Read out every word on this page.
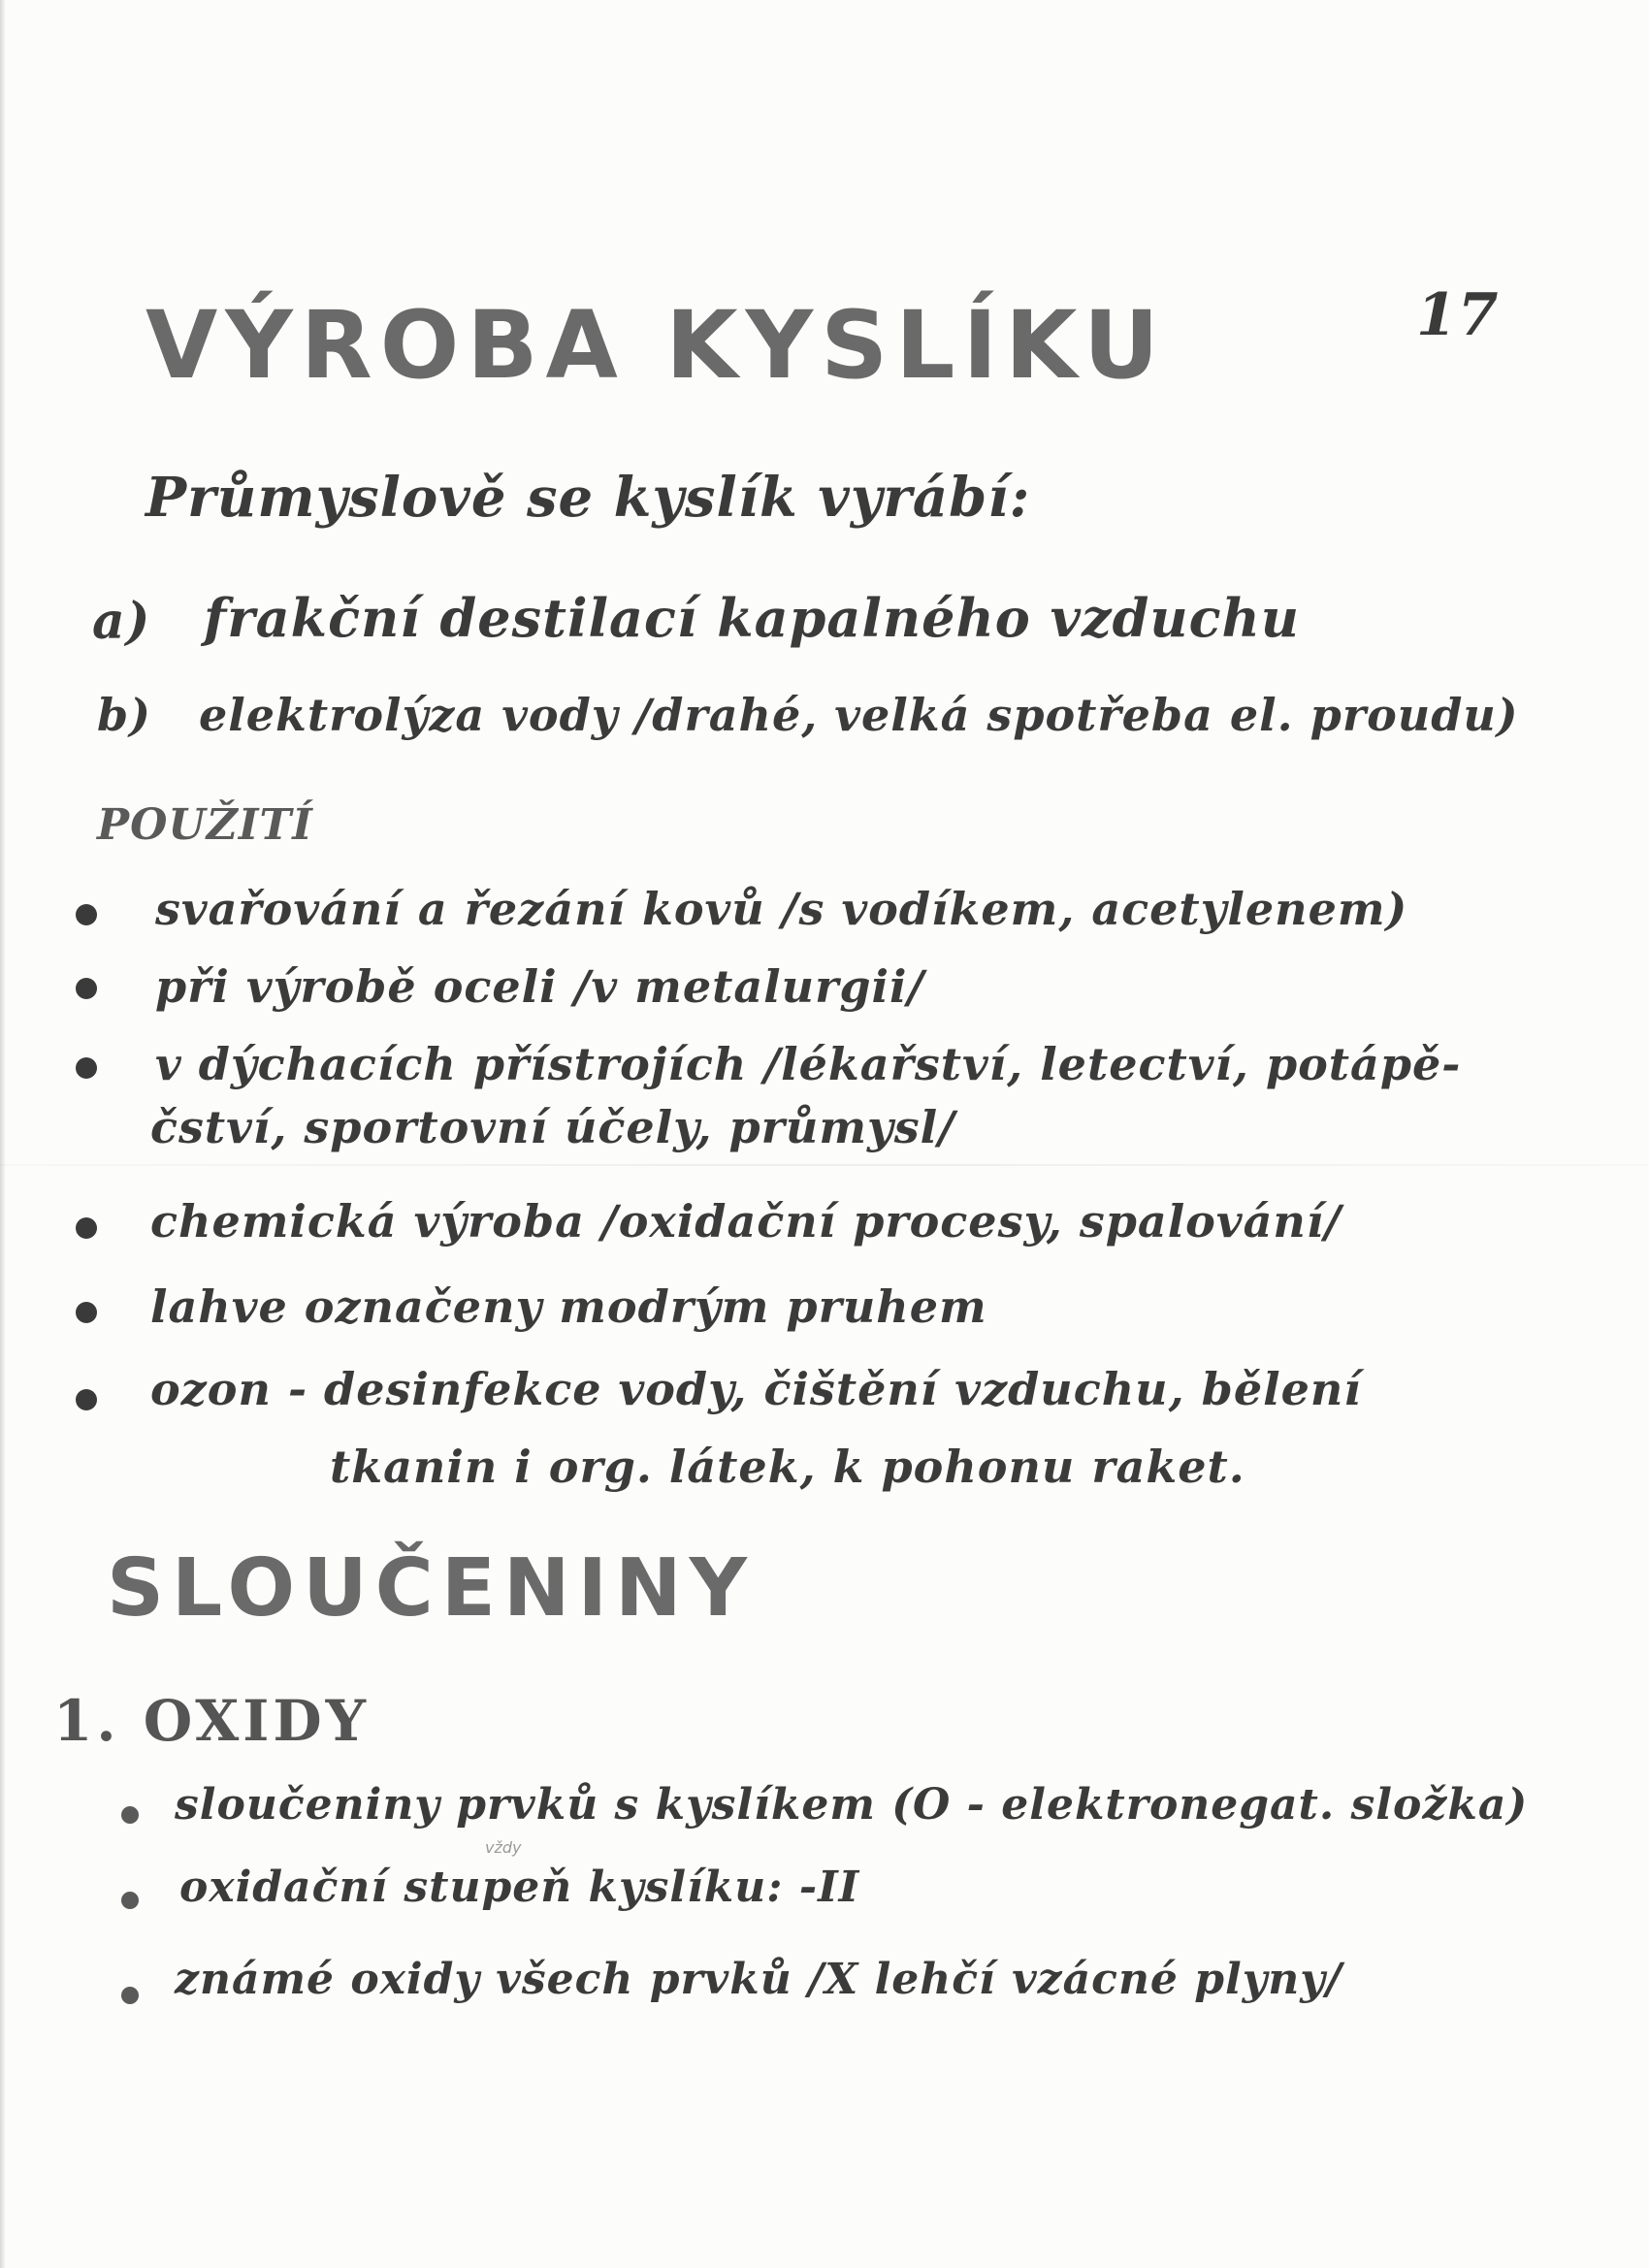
VÝROBA KYSLÍKU	17
Průmyslově se kyslík vyrábí:
a) frakční destilací kapalného vzduchu
b) elektrolýza vody /drahé, velká spotřeba el. proudu)
POUŽITÍ
svařování a řezání kovů /s vodíkem, acetylenem)
při výrobě oceli /v metalurgii/
v dýchacích přístrojích /lékařství, letectví, potápě-
čství, sportovní účely, průmysl/
chemická výroba /oxidační procesy, spalování/
lahve označeny modrým pruhem
ozon - desinfekce vody, čištění vzduchu, bělení
tkanin i org. látek, k pohonu raket.
SLOUČENINY
1. OXIDY
sloučeniny prvků s kyslíkem (O - elektronegat. složka)
vždy
oxidační stupeň kyslíku: -II
známé oxidy všech prvků /X lehčí vzácné plyny/
